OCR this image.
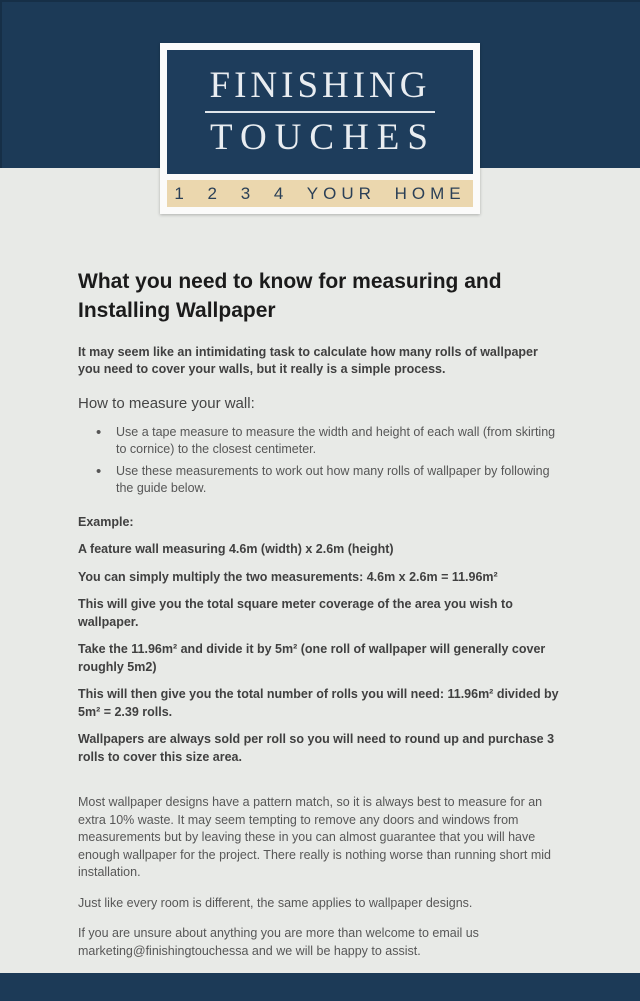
FINISHING
TOUCHES
1 2 3 4 YOUR HOME
What you need to know for measuring and Installing Wallpaper

It may seem like an intimidating task to calculate how many rolls of wallpaper you need to cover your walls, but it really is a simple process.

How to measure your wall:

• Use a tape measure to measure the width and height of each wall (from skirting to cornice) to the closest centimeter.
• Use these measurements to work out how many rolls of wallpaper by following the guide below.

Example:

A feature wall measuring 4.6m (width) x 2.6m (height)

You can simply multiply the two measurements: 4.6m x 2.6m = 11.96m²

This will give you the total square meter coverage of the area you wish to wallpaper.

Take the 11.96m² and divide it by 5m² (one roll of wallpaper will generally cover roughly 5m2)

This will then give you the total number of rolls you will need: 11.96m² divided by 5m² = 2.39 rolls.

Wallpapers are always sold per roll so you will need to round up and purchase 3 rolls to cover this size area.

Most wallpaper designs have a pattern match, so it is always best to measure for an extra 10% waste. It may seem tempting to remove any doors and windows from measurements but by leaving these in you can almost guarantee that you will have enough wallpaper for the project. There really is nothing worse than running short mid installation.

Just like every room is different, the same applies to wallpaper designs.

If you are unsure about anything you are more than welcome to email us marketing@finishingtouchessa and we will be happy to assist.
